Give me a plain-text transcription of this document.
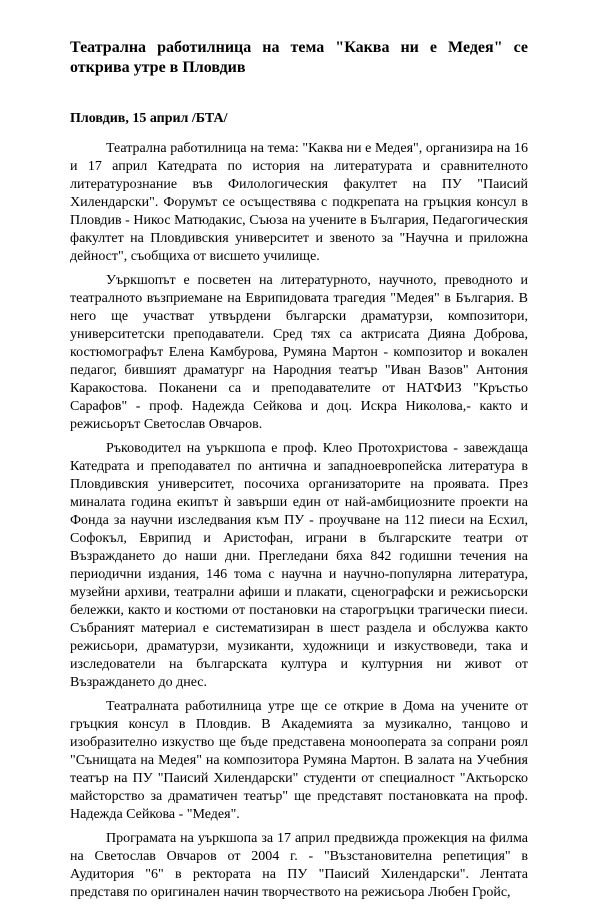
Театрална работилница на тема "Каква ни е Медея" се открива утре в Пловдив
Пловдив, 15 април /БТА/

Театрална работилница на тема: "Каква ни е Медея", организира на 16 и 17 април Катедрата по история на литературата и сравнителното литературознание във Филологическия факултет на ПУ "Паисий Хилендарски". Форумът се осъществява с подкрепата на гръцкия консул в Пловдив - Никос Матюдакис, Съюза на учените в България, Педагогическия факултет на Пловдивския университет и звеното за "Научна и приложна дейност", съобщиха от висшето училище.

Уъркшопът е посветен на литературното, научното, преводното и театралното възприемане на Еврипидовата трагедия "Медея" в България. В него ще участват утвърдени български драматурзи, композитори, университетски преподаватели. Сред тях са актрисата Дияна Доброва, костюмографът Елена Камбурова, Румяна Мартон - композитор и вокален педагог, бившият драматург на Народния театър "Иван Вазов" Антония Каракостова. Поканени са и преподавателите от НАТФИЗ "Кръстьо Сарафов" - проф. Надежда Сейкова и доц. Искра Николова,- както и режисьорът Светослав Овчаров.

Ръководител на уъркшопа е проф. Клео Протохристова - завеждаща Катедрата и преподавател по антична и западноевропейска литература в Пловдивския университет, посочиха организаторите на проявата. През миналата година екипът ѝ завърши един от най-амбициозните проекти на Фонда за научни изследвания към ПУ - проучване на 112 пиеси на Есхил, Софокъл, Еврипид и Аристофан, играни в българските театри от Възраждането до наши дни. Прегледани бяха 842 годишни течения на периодични издания, 146 тома с научна и научно-популярна литература, музейни архиви, театрални афиши и плакати, сценографски и режисьорски бележки, както и костюми от постановки на старогръцки трагически пиеси. Събраният материал е систематизиран в шест раздела и обслужва както режисьори, драматурзи, музиканти, художници и изкуствоведи, така и изследователи на българската култура и културния ни живот от Възраждането до днес.

Театралната работилница утре ще се открие в Дома на учените от гръцкия консул в Пловдив. В Академията за музикално, танцово и изобразително изкуство ще бъде представена монооперата за сопрани роял "Сънищата на Медея" на композитора Румяна Мартон. В залата на Учебния театър на ПУ "Паисий Хилендарски" студенти от специалност "Актьорско майсторство за драматичен театър" ще представят постановката на проф. Надежда Сейкова - "Медея".

Програмата на уъркшопа за 17 април предвижда прожекция на филма на Светослав Овчаров от 2004 г. - "Възстановителна репетиция" в Аудитория "6" в ректората на ПУ "Паисий Хилендарски". Лентата представя по оригинален начин творчеството на режисьора Любен Гройс,
